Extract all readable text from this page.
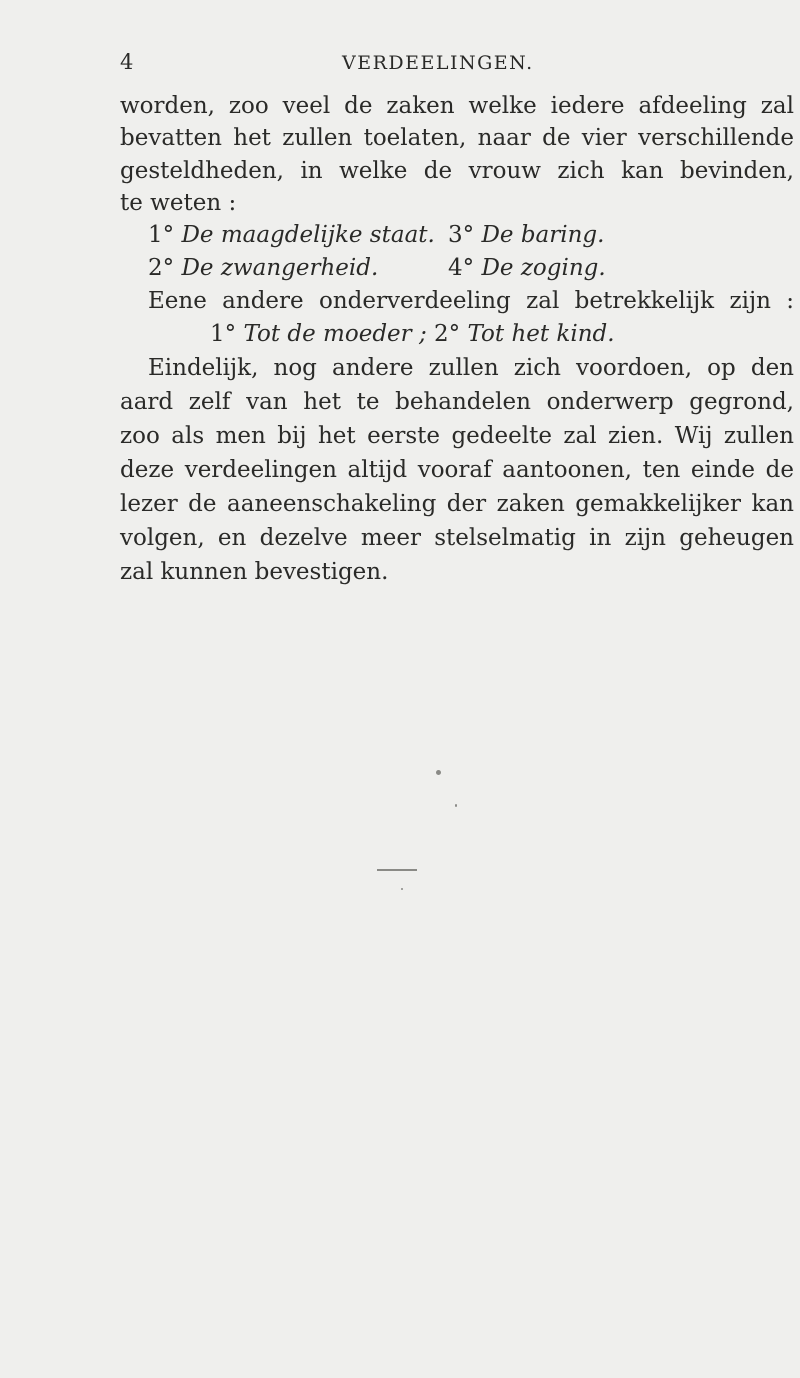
4	VERDEELINGEN.
worden, zoo veel de zaken welke iedere afdeeling zal
bevatten het zullen toelaten, naar de vier verschillende
gesteldheden, in welke de vrouw zich kan bevinden,
te weten :
1° De maagdelijke staat. 3° De baring.
2° De zwangerheid.	4° De zoging.
Eene andere onderverdeeling zal betrekkelijk zijn :
1° Tot de moeder ; 2° Tot het kind.
Eindelijk, nog andere zullen zich voordoen, op den
aard zelf van het te behandelen onderwerp gegrond,
zoo als men bij het eerste gedeelte zal zien. Wij zullen
deze verdeelingen altijd vooraf aantoonen, ten einde de
lezer de aaneenschakeling der zaken gemakkelijker kan
volgen, en dezelve meer stelselmatig in zijn geheugen
zal kunnen bevestigen.
